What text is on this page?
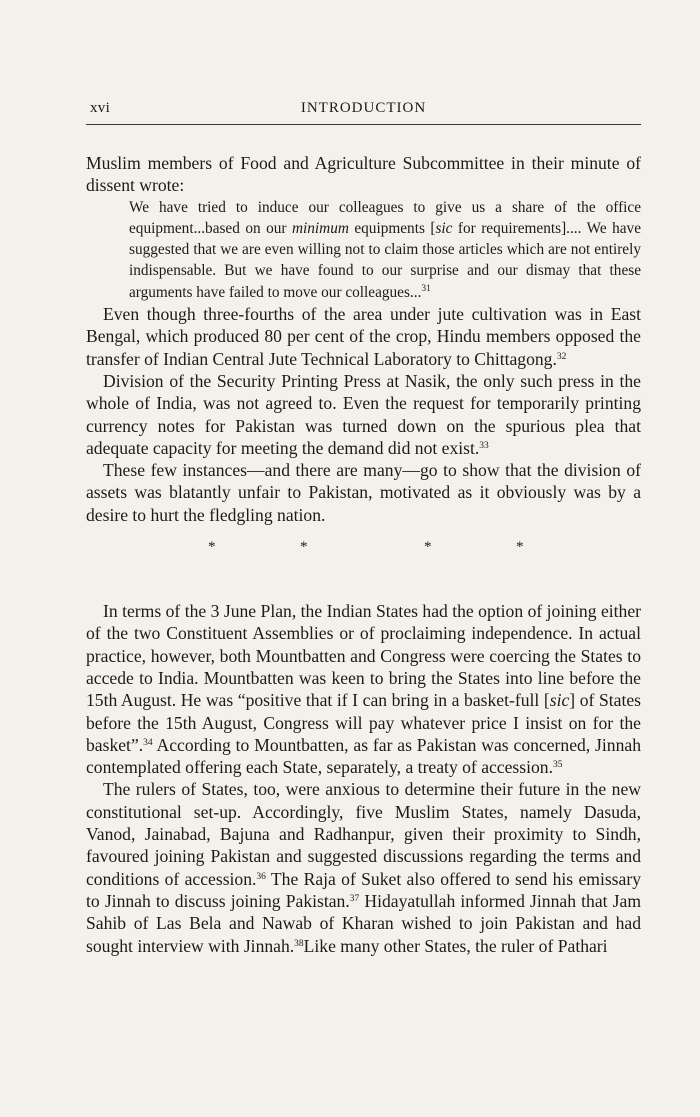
xvi	INTRODUCTION

Muslim members of Food and Agriculture Subcommittee in their minute of dissent wrote:

We have tried to induce our colleagues to give us a share of the office equipment...based on our minimum equipments [sic for requirements].... We have suggested that we are even willing not to claim those articles which are not entirely indispensable. But we have found to our surprise and our dismay that these arguments have failed to move our colleagues...$^{31}$

Even though three-fourths of the area under jute cultivation was in East Bengal, which produced 80 per cent of the crop, Hindu members opposed the transfer of Indian Central Jute Technical Laboratory to Chittagong.$^{32}$

Division of the Security Printing Press at Nasik, the only such press in the whole of India, was not agreed to. Even the request for temporarily printing currency notes for Pakistan was turned down on the spurious plea that adequate capacity for meeting the demand did not exist.$^{33}$

These few instances—and there are many—go to show that the division of assets was blatantly unfair to Pakistan, motivated as it obviously was by a desire to hurt the fledgling nation.

*	*	*	*

In terms of the 3 June Plan, the Indian States had the option of joining either of the two Constituent Assemblies or of proclaiming independence. In actual practice, however, both Mountbatten and Congress were coercing the States to accede to India. Mountbatten was keen to bring the States into line before the 15th August. He was “positive that if I can bring in a basket-full [sic] of States before the 15th August, Congress will pay whatever price I insist on for the basket”.$^{34}$ According to Mountbatten, as far as Pakistan was concerned, Jinnah contemplated offering each State, separately, a treaty of accession.$^{35}$

The rulers of States, too, were anxious to determine their future in the new constitutional set-up. Accordingly, five Muslim States, namely Dasuda, Vanod, Jainabad, Bajuna and Radhanpur, given their proximity to Sindh, favoured joining Pakistan and suggested discussions regarding the terms and conditions of accession.$^{36}$ The Raja of Suket also offered to send his emissary to Jinnah to discuss joining Pakistan.$^{37}$ Hidayatullah informed Jinnah that Jam Sahib of Las Bela and Nawab of Kharan wished to join Pakistan and had sought interview with Jinnah.$^{38}$Like many other States, the ruler of Pathari
